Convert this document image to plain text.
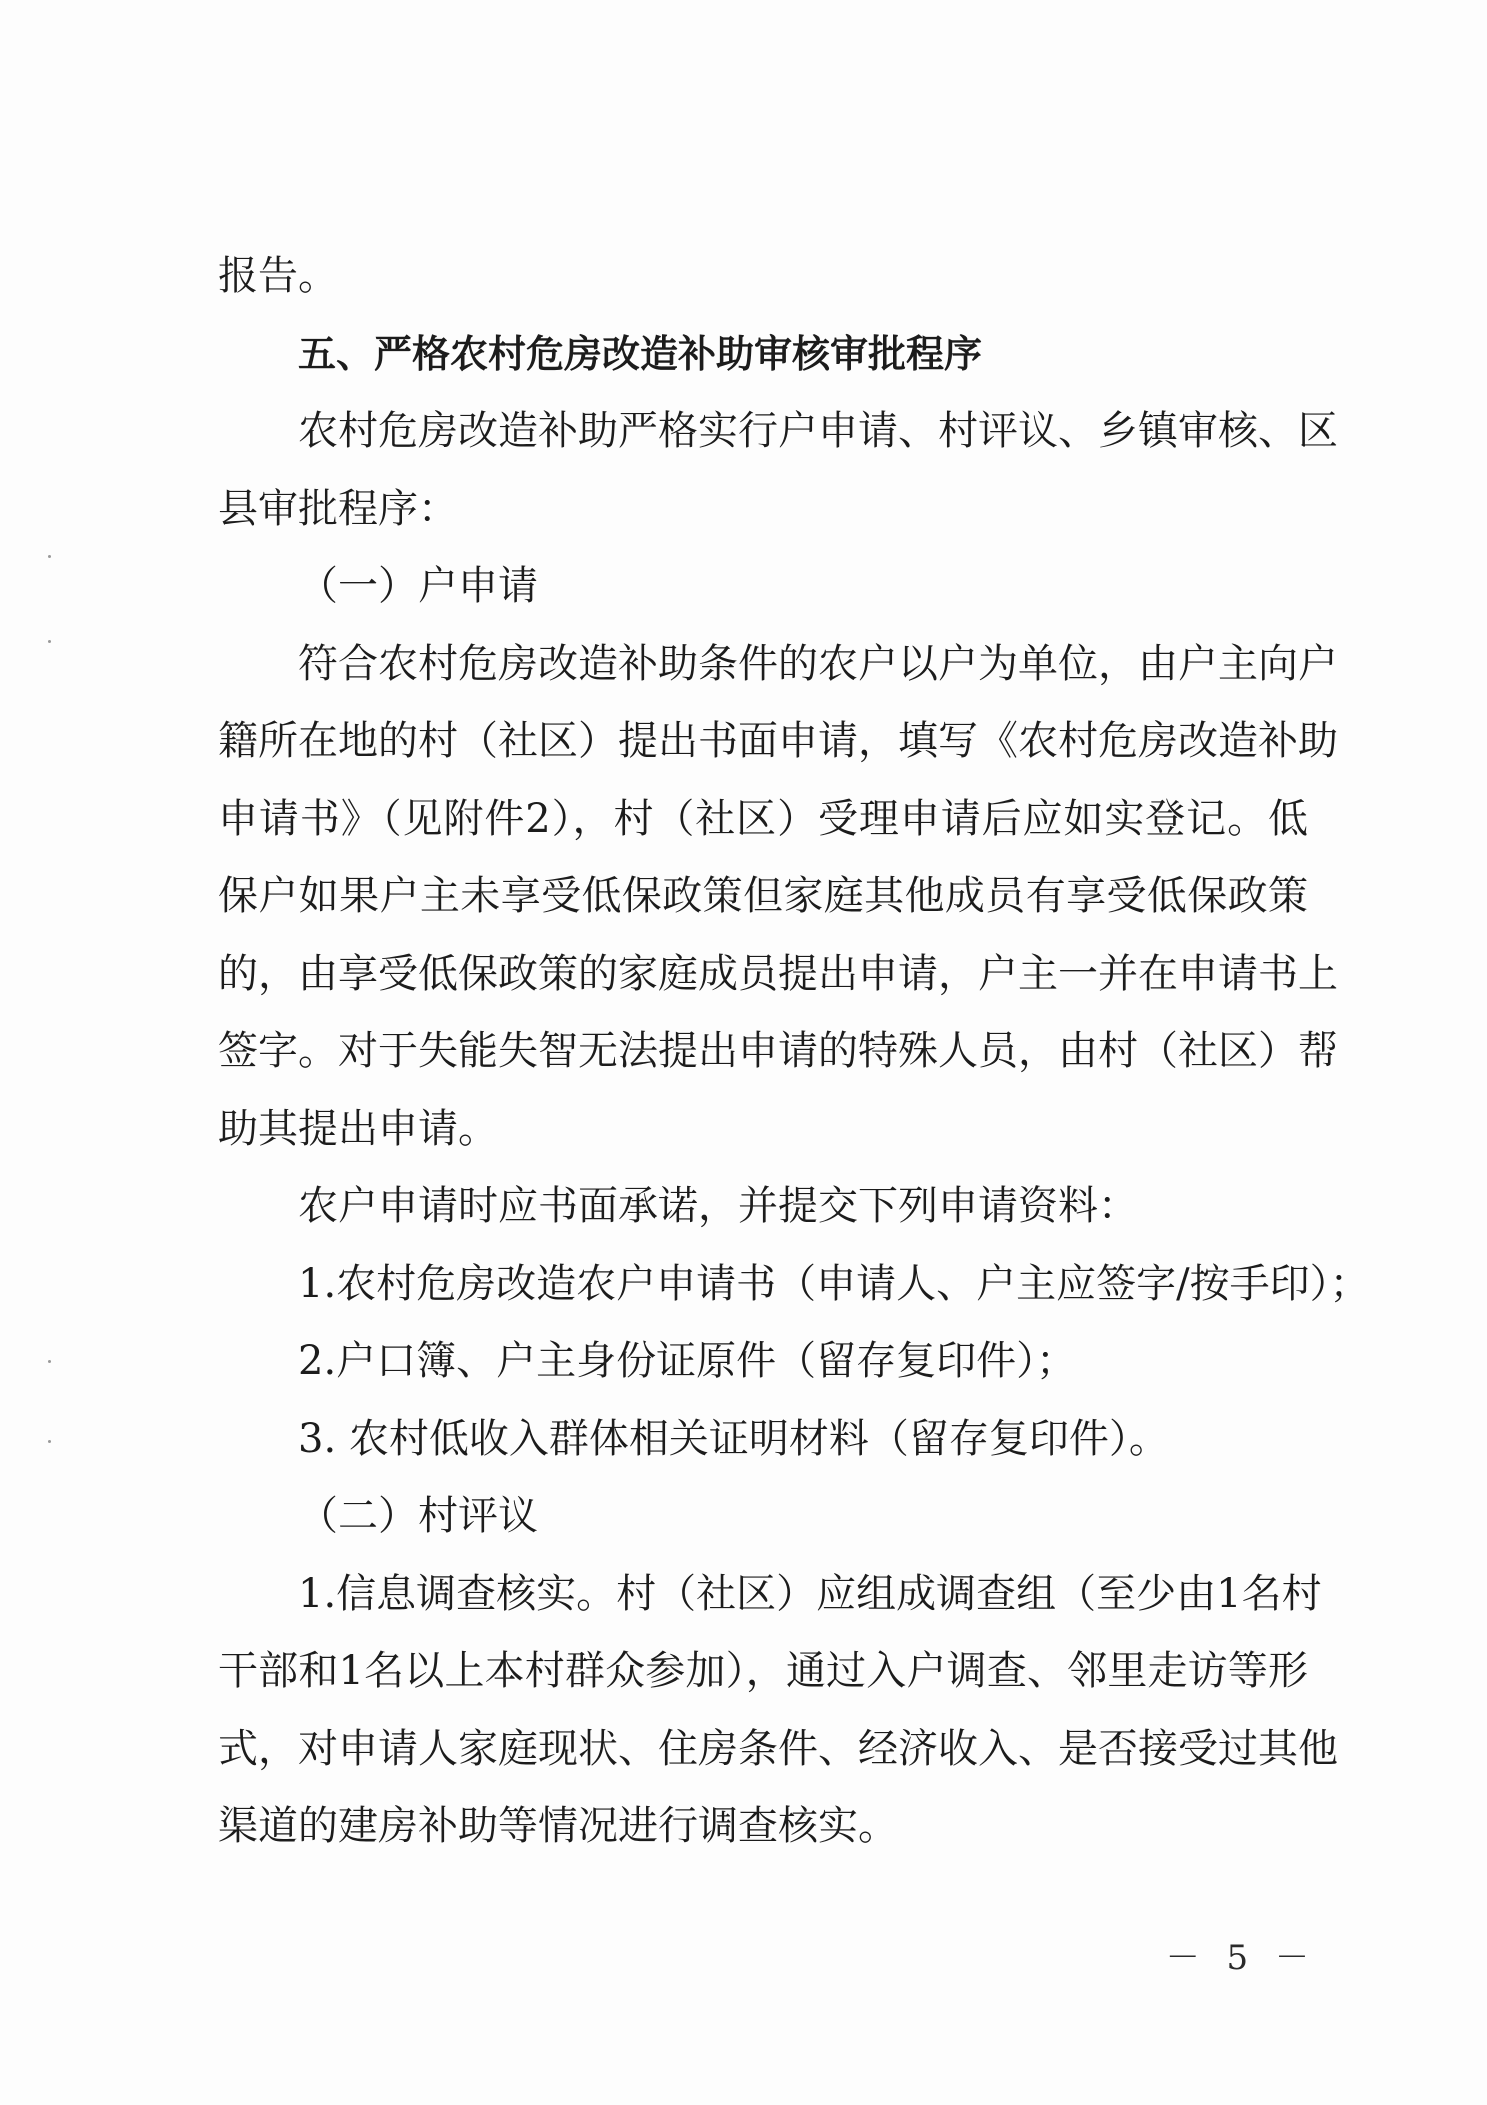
报告。
五、严格农村危房改造补助审核审批程序
农村危房改造补助严格实行户申请、村评议、乡镇审核、区
县审批程序：
（一）户申请
符合农村危房改造补助条件的农户以户为单位，由户主向户
籍所在地的村（社区）提出书面申请，填写《农村危房改造补助
申请书》（见附件2），村（社区）受理申请后应如实登记。低
保户如果户主未享受低保政策但家庭其他成员有享受低保政策
的，由享受低保政策的家庭成员提出申请，户主一并在申请书上
签字。对于失能失智无法提出申请的特殊人员，由村（社区）帮
助其提出申请。
农户申请时应书面承诺，并提交下列申请资料：
1.农村危房改造农户申请书（申请人、户主应签字/按手印）；
2.户口簿、户主身份证原件（留存复印件）；
3. 农村低收入群体相关证明材料（留存复印件）。
（二）村评议
1.信息调查核实。村（社区）应组成调查组（至少由1名村
干部和1名以上本村群众参加），通过入户调查、邻里走访等形
式，对申请人家庭现状、住房条件、经济收入、是否接受过其他
渠道的建房补助等情况进行调查核实。
－ 5 －
